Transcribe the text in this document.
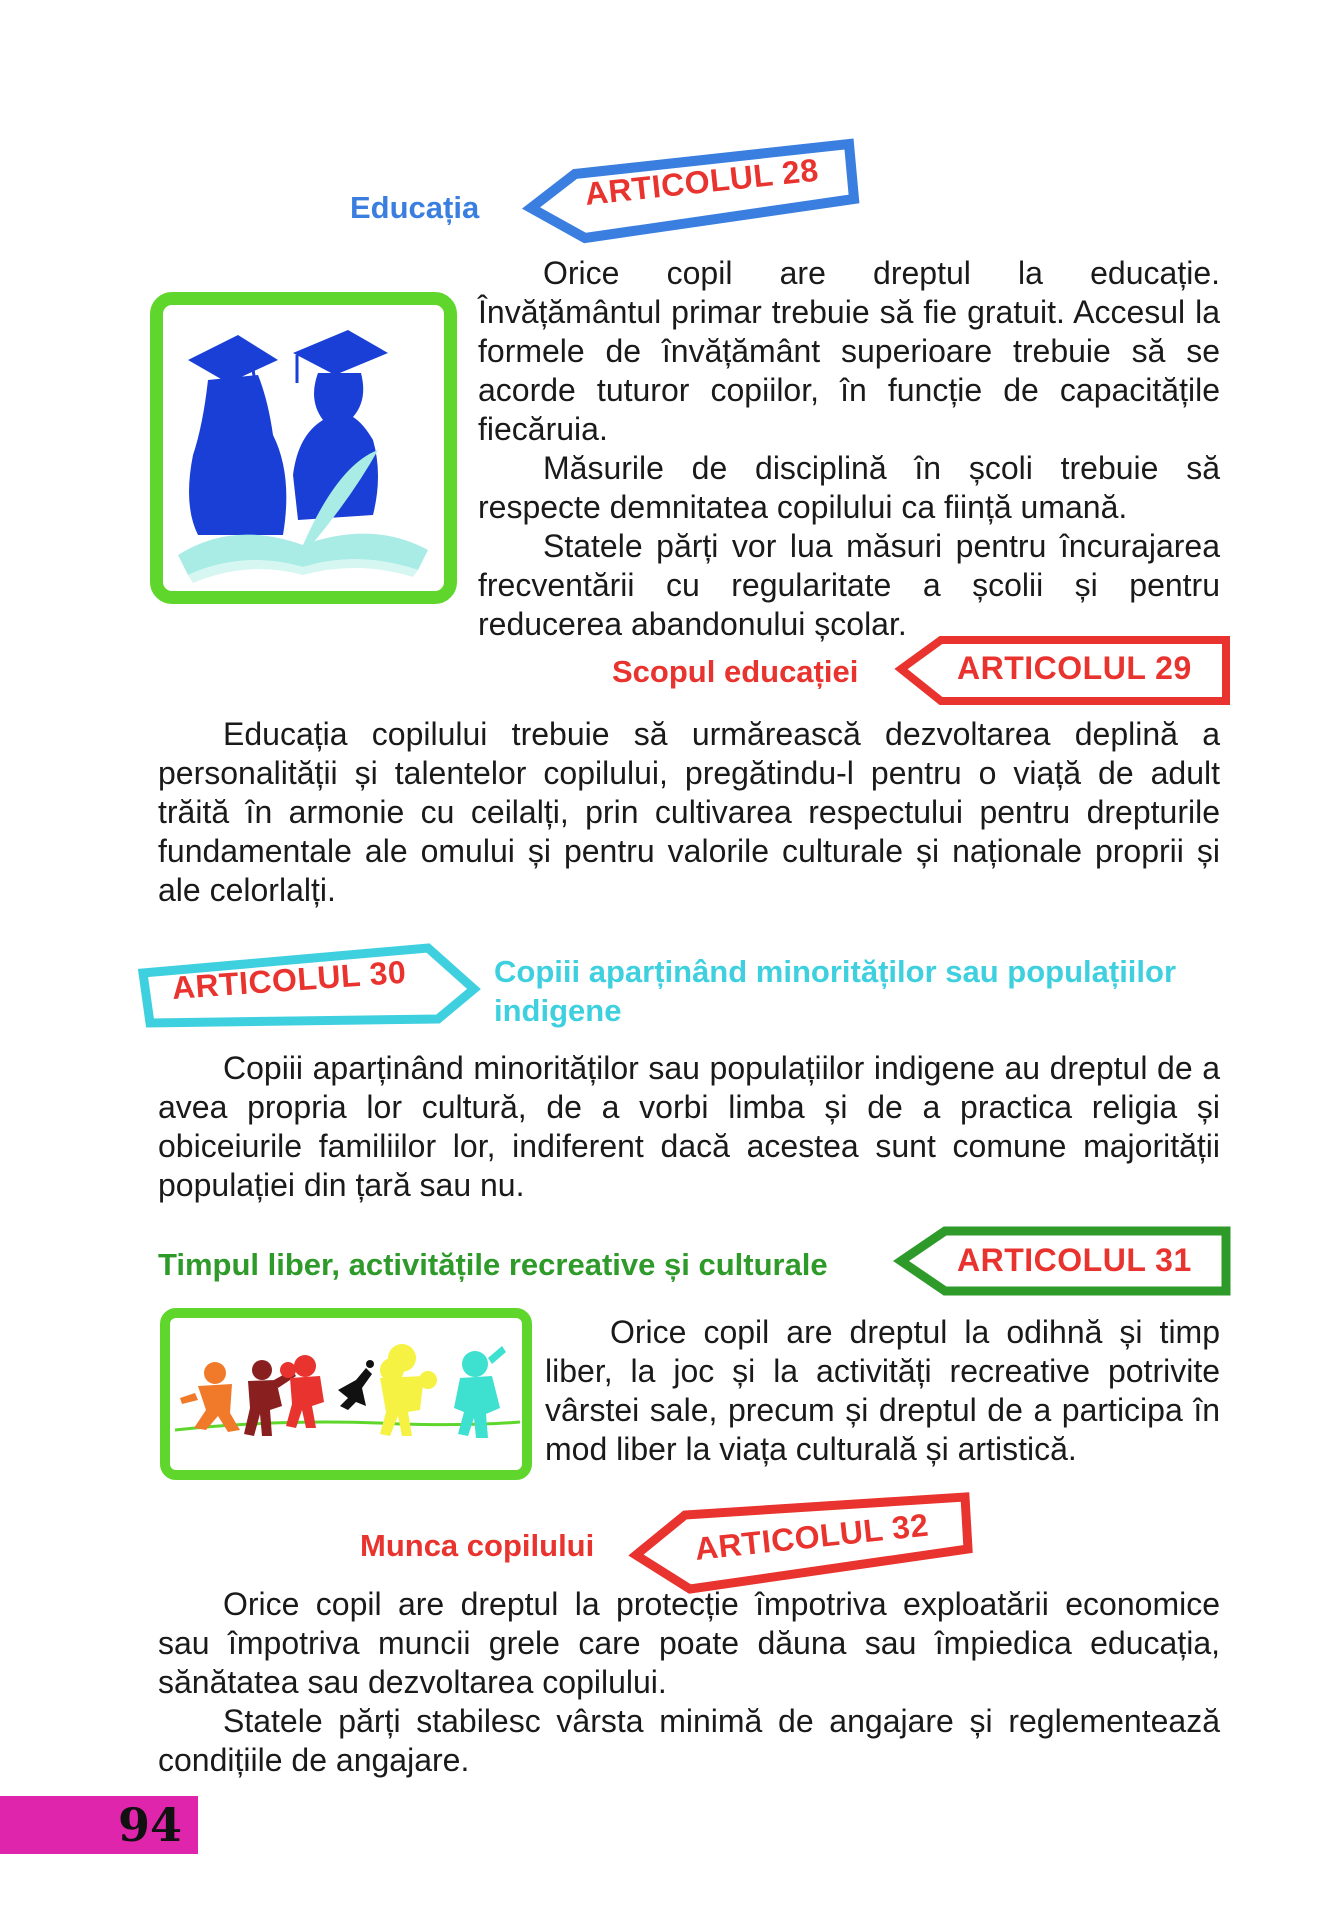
Educația	ARTICOLUL 28

Orice copil are dreptul la educație. Învățământul primar trebuie să fie gratuit. Accesul la formele de învățământ superioare trebuie să se acorde tuturor copiilor, în funcție de capacitățile fiecăruia.

Măsurile de disciplină în școli trebuie să respecte demnitatea copilului ca ființă umană.

Statele părți vor lua măsuri pentru încurajarea frecventării cu regularitate a școlii și pentru reducerea abandonului școlar.

Scopul educației	ARTICOLUL 29

Educația copilului trebuie să urmărească dezvoltarea deplină a personalității și talentelor copilului, pregătindu-l pentru o viață de adult trăită în armonie cu ceilalți, prin cultivarea respectului pentru drepturile fundamentale ale omului și pentru valorile culturale și naționale proprii și ale celorlalți.

ARTICOLUL 30	Copiii aparținând minorităților sau populațiilor
indigene

Copiii aparținând minorităților sau populațiilor indigene au dreptul de a avea propria lor cultură, de a vorbi limba și de a practica religia și obiceiurile familiilor lor, indiferent dacă acestea sunt comune majorității populației din țară sau nu.

Timpul liber, activitățile recreative și culturale	ARTICOLUL 31

Orice copil are dreptul la odihnă și timp liber, la joc și la activități recreative potrivite vârstei sale, precum și dreptul de a participa în mod liber la viața culturală și artistică.

Munca copilului	ARTICOLUL 32

Orice copil are dreptul la protecție împotriva exploatării economice sau împotriva muncii grele care poate dăuna sau împiedica educația, sănătatea sau dezvoltarea copilului.

Statele părți stabilesc vârsta minimă de angajare și reglementează condițiile de angajare.

94
